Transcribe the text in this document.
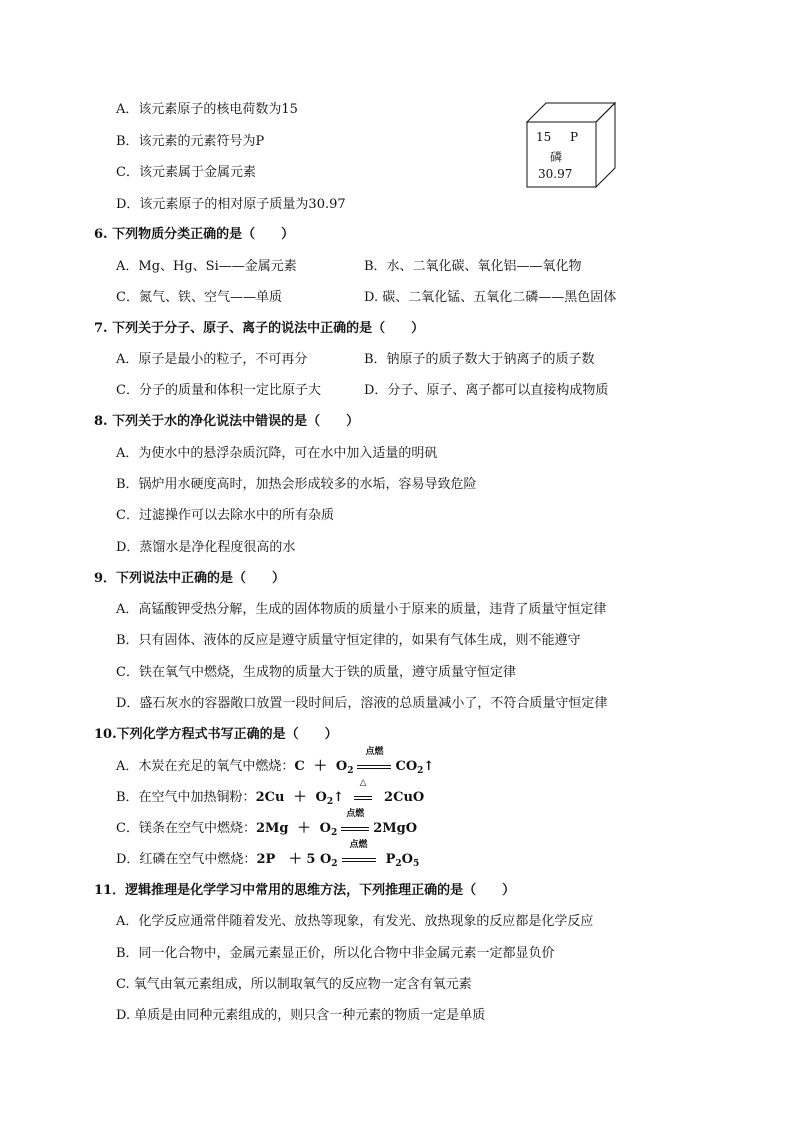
A．该元素原子的核电荷数为15
B．该元素的元素符号为P
C．该元素属于金属元素
D．该元素原子的相对原子质量为30.97
15 P
磷
30.97
6. 下列物质分类正确的是（　　）
A．Mg、Hg、Si——金属元素	B．水、二氧化碳、氧化铝——氧化物
C．氮气、铁、空气——单质	D. 碳、二氧化锰、五氧化二磷——黑色固体
7. 下列关于分子、原子、离子的说法中正确的是（　　）
A．原子是最小的粒子，不可再分	B．钠原子的质子数大于钠离子的质子数
C．分子的质量和体积一定比原子大	D．分子、原子、离子都可以直接构成物质
8. 下列关于水的净化说法中错误的是（　　）
A．为使水中的悬浮杂质沉降，可在水中加入适量的明矾
B．锅炉用水硬度高时，加热会形成较多的水垢，容易导致危险
C．过滤操作可以去除水中的所有杂质
D．蒸馏水是净化程度很高的水
9．下列说法中正确的是（　　）
A．高锰酸钾受热分解，生成的固体物质的质量小于原来的质量，违背了质量守恒定律
B．只有固体、液体的反应是遵守质量守恒定律的，如果有气体生成，则不能遵守
C．铁在氧气中燃烧，生成物的质量大于铁的质量，遵守质量守恒定律
D．盛石灰水的容器敞口放置一段时间后，溶液的总质量减小了，不符合质量守恒定律
10.下列化学方程式书写正确的是（　　）
A．木炭在充足的氧气中燃烧：$C + O_2$
点燃
$CO_2↑$
B．在空气中加热铜粉：$2Cu + O_2↑$
△
2CuO
C．镁条在空气中燃烧：$2Mg + O_2$
点燃
2MgO
D．红磷在空气中燃烧：2P ＋ 5 $O_2$
点燃
$P_2O_5$
11．逻辑推理是化学学习中常用的思维方法，下列推理正确的是（　　）
A．化学反应通常伴随着发光、放热等现象，有发光、放热现象的反应都是化学反应
B．同一化合物中，金属元素显正价，所以化合物中非金属元素一定都显负价
C. 氧气由氧元素组成，所以制取氧气的反应物一定含有氧元素
D. 单质是由同种元素组成的，则只含一种元素的物质一定是单质
